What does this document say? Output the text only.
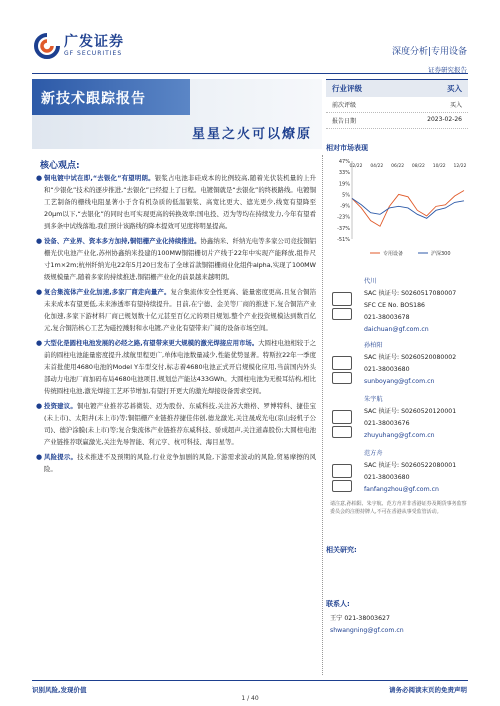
广发证券
GF SECURITIES	深度分析|专用设备
证券研究报告
新技术跟踪报告
星星之火可以燎原
行业评级	买入
前次评级	买入
报告日期	2023-02-26
核心观点:
● 铜电镀中试在即,“去银化”有望明朗。银浆占电池非硅成本的比例较高,随着光伏装机量的上升和“少银化”技术的逐步推进,“去银化”已经提上了日程。电镀铜就是“去银化”的终极路线。电镀铜工艺制备的栅线电阻显著小于含有机杂质的低温银浆、高宽比更大、遮光更少,线宽有望降至20μm以下,“去银化”的同时也可实现更高的转换效率;国电投、迈为等均在持续发力,今年有望看到多条中试线落地,我们预计该路线的降本提效可见度将明显提高。

● 设备、产业界、资本多方加持,铜铝栅产业化持续推进。协鑫纳米、纤纳光电等多家公司竞技铜铝栅光伏电池产业化,苏州协鑫纳米投建的100MW铜铝栅切片产线于22年中实现产能释放,组件尺寸1m×2m;杭州纤纳光电22年5月20日发布了全球首款铜铝栅商业化组件alpha,实现了100MW级规模量产,随着多家的持续推进,铜铝栅产业化的前景越来越明朗。

● 复合集流体产业化加速,多家厂商走向量产。复合集流体安全性更高、能量密度更高,且复合铜箔未来成本有望更低,未来渗透率有望持续提升。目前,在宁德、金美等厂商的推进下,复合铜箔产业化加速,多家下游材料厂商已规划数十亿元甚至百亿元的项目规划,整个产业投资规模达到数百亿元,复合铜箔核心工艺为磁控溅射和水电镀,产业化有望带来广阔的设备市场空间。

● 大型化是圆柱电池发展的必经之路,有望带来更大规模的激光焊接应用市场。大圆柱电池相较于之前的圆柱电池能量密度提升,续航里程更广,单体电池数量减少,性能优势显著。特斯拉22年一季度末首批使用4680电池的Model Y车型交付,标志着4680电池正式开启规模化应用,当前国内外头部动力电池厂商加码布局4680电池项目,规划总产能达433GWh。大圆柱电池为无极耳结构,相比传统圆柱电池,激光焊接工艺环节增加,有望打开更大的激光焊接设备需求空间。

● 投资建议。铜电镀产业推荐芯碁微装、迈为股份、东威科技,关注苏大维格、罗博特科、捷佳宝(未上市)、太阳井(未上市)等;铜铝栅产业链推荐捷佳伟创,德龙激光,关注晟成光电(京山轻机子公司)、德沪涂膜(未上市)等;复合集流体产业链推荐东威科技、骄成超声,关注道森股份;大圆柱电池产业链推荐联赢激光,关注先导智能、利元亨、杭可科技、海目星等。

● 风险提示。技术推进不及预期的风险,行业竞争加剧的风险,下游需求波动的风险,贸易摩擦的风险。

相对市场表现
47%
33%
19%
5%
-9%
-23%
-37%
-51%
02/22 04/22 06/22 08/22 10/22 12/22
专用设备	沪深300
代川
SAC 执证号: S0260517080007
SFC CE No. BOS186
021-38003678
daichuan@gf.com.cn
孙柏阳
SAC 执证号: S0260520080002
021-38003680
sunboyang@gf.com.cn
朱宇航
SAC 执证号: S0260520120001
021-38003676
zhuyuhang@gf.com.cn
范方舟
SAC 执证号: S0260522080001
021-38003680
fanfangzhou@gf.com.cn
请注意,孙柏阳、朱宇航、范方舟并非香港证券及期货事务监察委员会的注册持牌人,不可在香港从事受监管活动。
相关研究:
联系人:
王宁 021-38003627
shwangning@gf.com.cn
识别风险,发现价值	请务必阅读末页的免责声明
1 / 40
